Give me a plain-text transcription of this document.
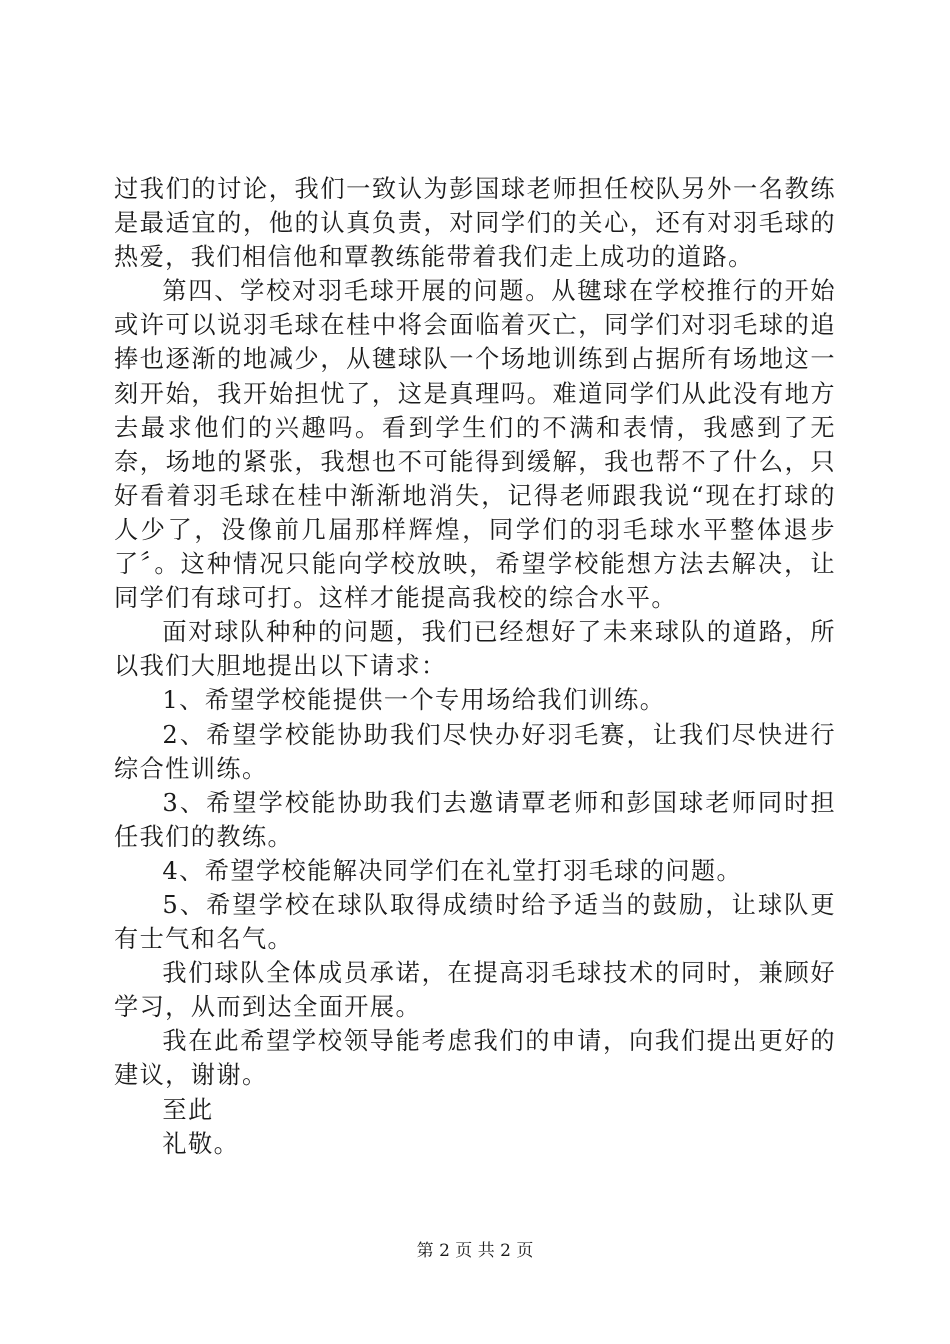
过我们的讨论，我们一致认为彭国球老师担任校队另外一名教练是最适宜的，他的认真负责，对同学们的关心，还有对羽毛球的热爱，我们相信他和覃教练能带着我们走上成功的道路。

第四、学校对羽毛球开展的问题。从毽球在学校推行的开始或许可以说羽毛球在桂中将会面临着灭亡，同学们对羽毛球的追捧也逐渐的地减少，从毽球队一个场地训练到占据所有场地这一刻开始，我开始担忧了，这是真理吗。难道同学们从此没有地方去最求他们的兴趣吗。看到学生们的不满和表情，我感到了无奈，场地的紧张，我想也不可能得到缓解，我也帮不了什么，只好看着羽毛球在桂中渐渐地消失，记得老师跟我说“现在打球的人少了，没像前几届那样辉煌，同学们的羽毛球水平整体退步了〞。这种情况只能向学校放映，希望学校能想方法去解决，让同学们有球可打。这样才能提高我校的综合水平。

面对球队种种的问题，我们已经想好了未来球队的道路，所以我们大胆地提出以下请求：

1、希望学校能提供一个专用场给我们训练。

2、希望学校能协助我们尽快办好羽毛赛，让我们尽快进行综合性训练。

3、希望学校能协助我们去邀请覃老师和彭国球老师同时担任我们的教练。

4、希望学校能解决同学们在礼堂打羽毛球的问题。

5、希望学校在球队取得成绩时给予适当的鼓励，让球队更有士气和名气。

我们球队全体成员承诺，在提高羽毛球技术的同时，兼顾好学习，从而到达全面开展。

我在此希望学校领导能考虑我们的申请，向我们提出更好的建议，谢谢。

至此

礼敬。

第 2 页 共 2 页
